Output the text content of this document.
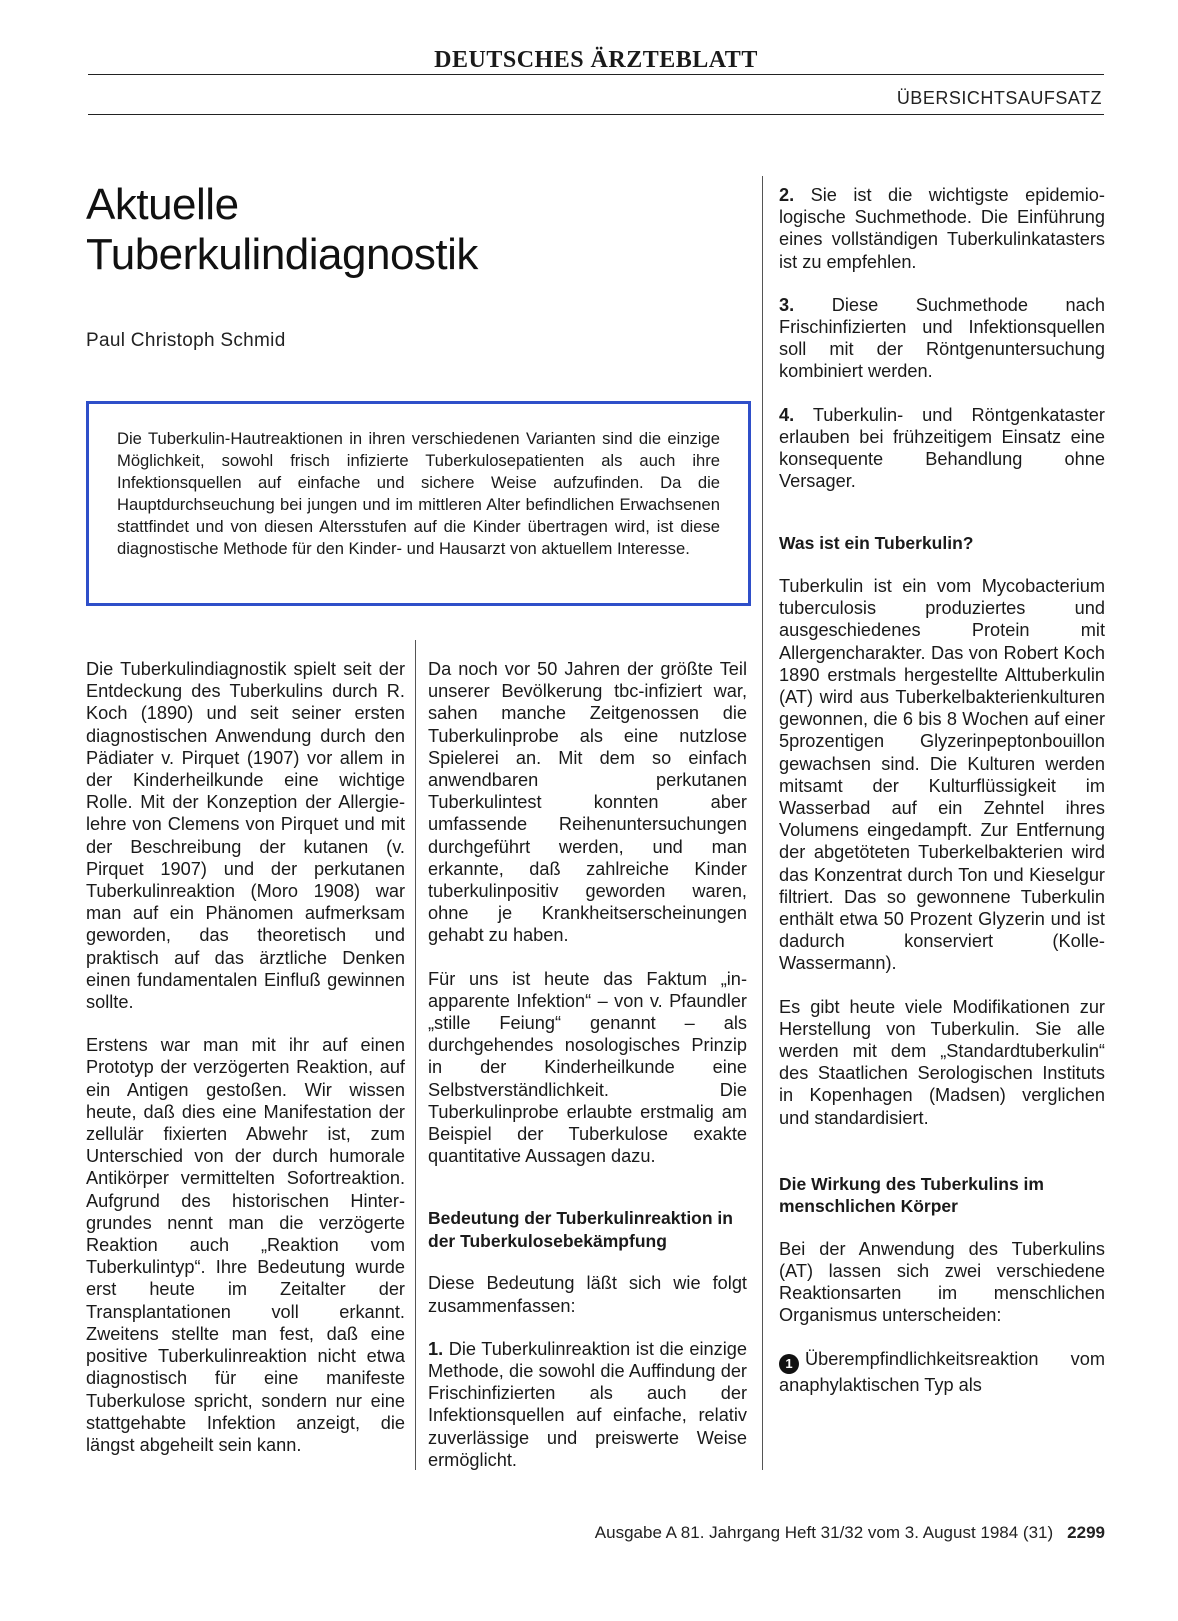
DEUTSCHES ÄRZTEBLATT
ÜBERSICHTSAUFSATZ
Aktuelle
Tuberkulindiagnostik
Paul Christoph Schmid
Die Tuberkulin-Hautreaktionen in ihren verschiedenen Varianten sind die einzige Möglichkeit, sowohl frisch infizierte Tuberkulosepatienten als auch ihre Infektionsquellen auf einfache und sichere Weise aufzufinden. Da die Hauptdurchseuchung bei jungen und im mittleren Alter befindlichen Erwachsenen stattfindet und von diesen Altersstufen auf die Kinder übertragen wird, ist diese diagnostische Methode für den Kinder- und Hausarzt von aktuellem Interesse.

Die Tuberkulindiagnostik spielt seit der Entdeckung des Tuberkulins durch R. Koch (1890) und seit seiner ersten diagnostischen Anwendung durch den Pädiater v. Pirquet (1907) vor allem in der Kinderheilkunde eine wichtige Rolle. Mit der Konzeption der Allergielehre von Clemens von Pirquet und mit der Beschreibung der kutanen (v. Pirquet 1907) und der perkutanen Tuberkulinreaktion (Moro 1908) war man auf ein Phänomen aufmerksam geworden, das theoretisch und praktisch auf das ärztliche Denken einen fundamentalen Einfluß gewinnen sollte.

Erstens war man mit ihr auf einen Prototyp der verzögerten Reaktion, auf ein Antigen gestoßen. Wir wissen heute, daß dies eine Manifestation der zellulär fixierten Abwehr ist, zum Unterschied von der durch humorale Antikörper vermittelten Sofortreaktion. Aufgrund des historischen Hintergrundes nennt man die verzögerte Reaktion auch „Reaktion vom Tuberkulintyp“. Ihre Bedeutung wurde erst heute im Zeitalter der Transplantationen voll erkannt. Zweitens stellte man fest, daß eine positive Tuberkulinreaktion nicht etwa diagnostisch für eine manifeste Tuberkulose spricht, sondern nur eine stattgehabte Infektion anzeigt, die längst abgeheilt sein kann.

Da noch vor 50 Jahren der größte Teil unserer Bevölkerung tbc-infiziert war, sahen manche Zeitgenossen die Tuberkulinprobe als eine nutzlose Spielerei an. Mit dem so einfach anwendbaren perkutanen Tuberkulintest konnten aber umfassende Reihenuntersuchungen durchgeführt werden, und man erkannte, daß zahlreiche Kinder tuberkulinpositiv geworden waren, ohne je Krankheitserscheinungen gehabt zu haben.

Für uns ist heute das Faktum „inapparente Infektion“ – von v. Pfaundler „stille Feiung“ genannt – als durchgehendes nosologisches Prinzip in der Kinderheilkunde eine Selbstverständlichkeit. Die Tuberkulinprobe erlaubte erstmalig am Beispiel der Tuberkulose exakte quantitative Aussagen dazu.

Bedeutung der Tuberkulinreaktion in der Tuberkulosebekämpfung

Diese Bedeutung läßt sich wie folgt zusammenfassen:

1. Die Tuberkulinreaktion ist die einzige Methode, die sowohl die Auffindung der Frischinfizierten als auch der Infektionsquellen auf einfache, relativ zuverlässige und preiswerte Weise ermöglicht.

2. Sie ist die wichtigste epidemiologische Suchmethode. Die Einführung eines vollständigen Tuberkulinkatasters ist zu empfehlen.

3. Diese Suchmethode nach Frischinfizierten und Infektionsquellen soll mit der Röntgenuntersuchung kombiniert werden.

4. Tuberkulin- und Röntgenkataster erlauben bei frühzeitigem Einsatz eine konsequente Behandlung ohne Versager.

Was ist ein Tuberkulin?

Tuberkulin ist ein vom Mycobacterium tuberculosis produziertes und ausgeschiedenes Protein mit Allergencharakter. Das von Robert Koch 1890 erstmals hergestellte Alttuberkulin (AT) wird aus Tuberkelbakterienkulturen gewonnen, die 6 bis 8 Wochen auf einer 5prozentigen Glyzerinpeptonbouillon gewachsen sind. Die Kulturen werden mitsamt der Kulturflüssigkeit im Wasserbad auf ein Zehntel ihres Volumens eingedampft. Zur Entfernung der abgetöteten Tuberkelbakterien wird das Konzentrat durch Ton und Kieselgur filtriert. Das so gewonnene Tuberkulin enthält etwa 50 Prozent Glyzerin und ist dadurch konserviert (Kolle-Wassermann).

Es gibt heute viele Modifikationen zur Herstellung von Tuberkulin. Sie alle werden mit dem „Standardtuberkulin“ des Staatlichen Serologischen Instituts in Kopenhagen (Madsen) verglichen und standardisiert.

Die Wirkung des Tuberkulins im menschlichen Körper

Bei der Anwendung des Tuberkulins (AT) lassen sich zwei verschiedene Reaktionsarten im menschlichen Organismus unterscheiden:

1 Überempfindlichkeitsreaktion vom anaphylaktischen Typ als

Ausgabe A 81. Jahrgang Heft 31/32 vom 3. August 1984 (31) 2299
